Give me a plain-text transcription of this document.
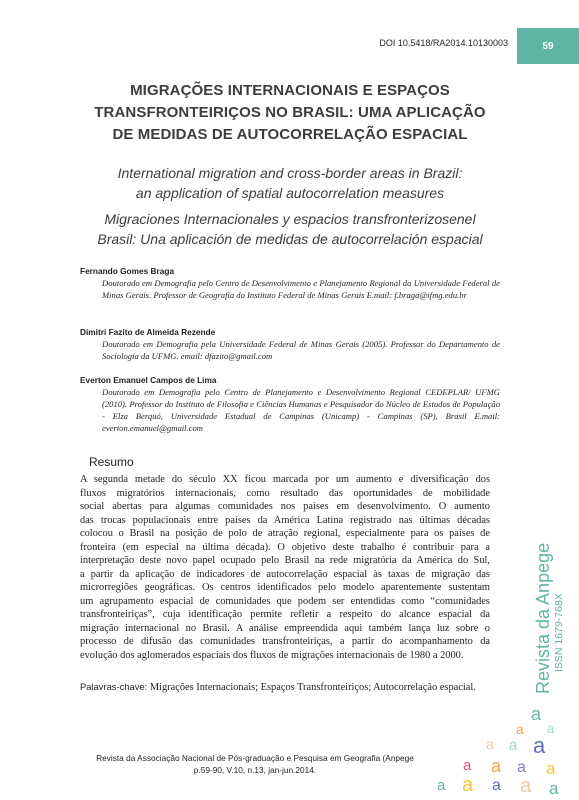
DOI 10.5418/RA2014.10130003	59
MIGRAÇÕES INTERNACIONAIS E ESPAÇOS
TRANSFRONTEIRIÇOS NO BRASIL: UMA APLICAÇÃO
DE MEDIDAS DE AUTOCORRELAÇÃO ESPACIAL
International migration and cross-border areas in Brazil:
an application of spatial autocorrelation measures
Migraciones Internacionales y espacios transfronterizosenel
Brasil: Una aplicación de medidas de autocorrelación espacial
Fernando Gomes Braga
Doutorado em Demografia pelo Centro de Desenvolvimento e Planejamento Regional da Universidade Federal de Minas Gerais. Professor de Geografia do Instituto Federal de Minas Gerais E.mail: f.braga@ifmg.edu.br
Dimitri Fazito de Almeida Rezende
Doutorado em Demografia pela Universidade Federal de Minas Gerais (2005). Professor do Departamento de Sociologia da UFMG. email: dfazito@gmail.com
Everton Emanuel Campos de Lima
Doutorado em Demografia pelo Centro de Planejamento e Desenvolvimento Regional CEDEPLAR/ UFMG (2010). Professor do Instituto de Filosofia e Ciências Humanas e Pesquisador do Núcleo de Estudos de População - Elza Berquó, Universidade Estadual de Campinas (Unicamp) - Campinas (SP), Brasil E.mail: everton.emanuel@gmail.com
Resumo
A segunda metade do século XX ficou marcada por um aumento e diversificação dos
fluxos migratórios internacionais, como resultado das oportunidades de mobilidade
social abertas para algumas comunidades nos países em desenvolvimento. O aumento
das trocas populacionais entre países da América Latina registrado nas últimas décadas
colocou o Brasil na posição de polo de atração regional, especialmente para os países de
fronteira (em especial na última década). O objetivo deste trabalho é contribuir para a
interpretação deste novo papel ocupado pelo Brasil na rede migratória da América do Sul,
a partir da aplicação de indicadores de autocorrelação espacial às taxas de migração das
microrregiões geográficas. Os centros identificados pelo modelo aparentemente sustentam
um agrupamento espacial de comunidades que podem ser entendidas como “comunidades
transfronteiriças”, cuja identificação permite refletir a respeito do alcance espacial da
migração internacional no Brasil. A análise empreendida aqui também lança luz sobre o
processo de difusão das comunidades transfronteiriças, a partir do acompanhamento da
evolução dos aglomerados espaciais dos fluxos de migrações internacionais de 1980 a 2000.
Palavras-chave: Migrações Internacionais; Espaços Transfronteiriços; Autocorrelação espacial.
Revista da Associação Nacional de Pós-graduação e Pesquisa em Geografia (Anpege
p.59-90, V.10, n.13, jan-jun.2014.
Revista da Anpege ISSN 1679-768X
a
a a
a a a
a a a a
a a a a a
